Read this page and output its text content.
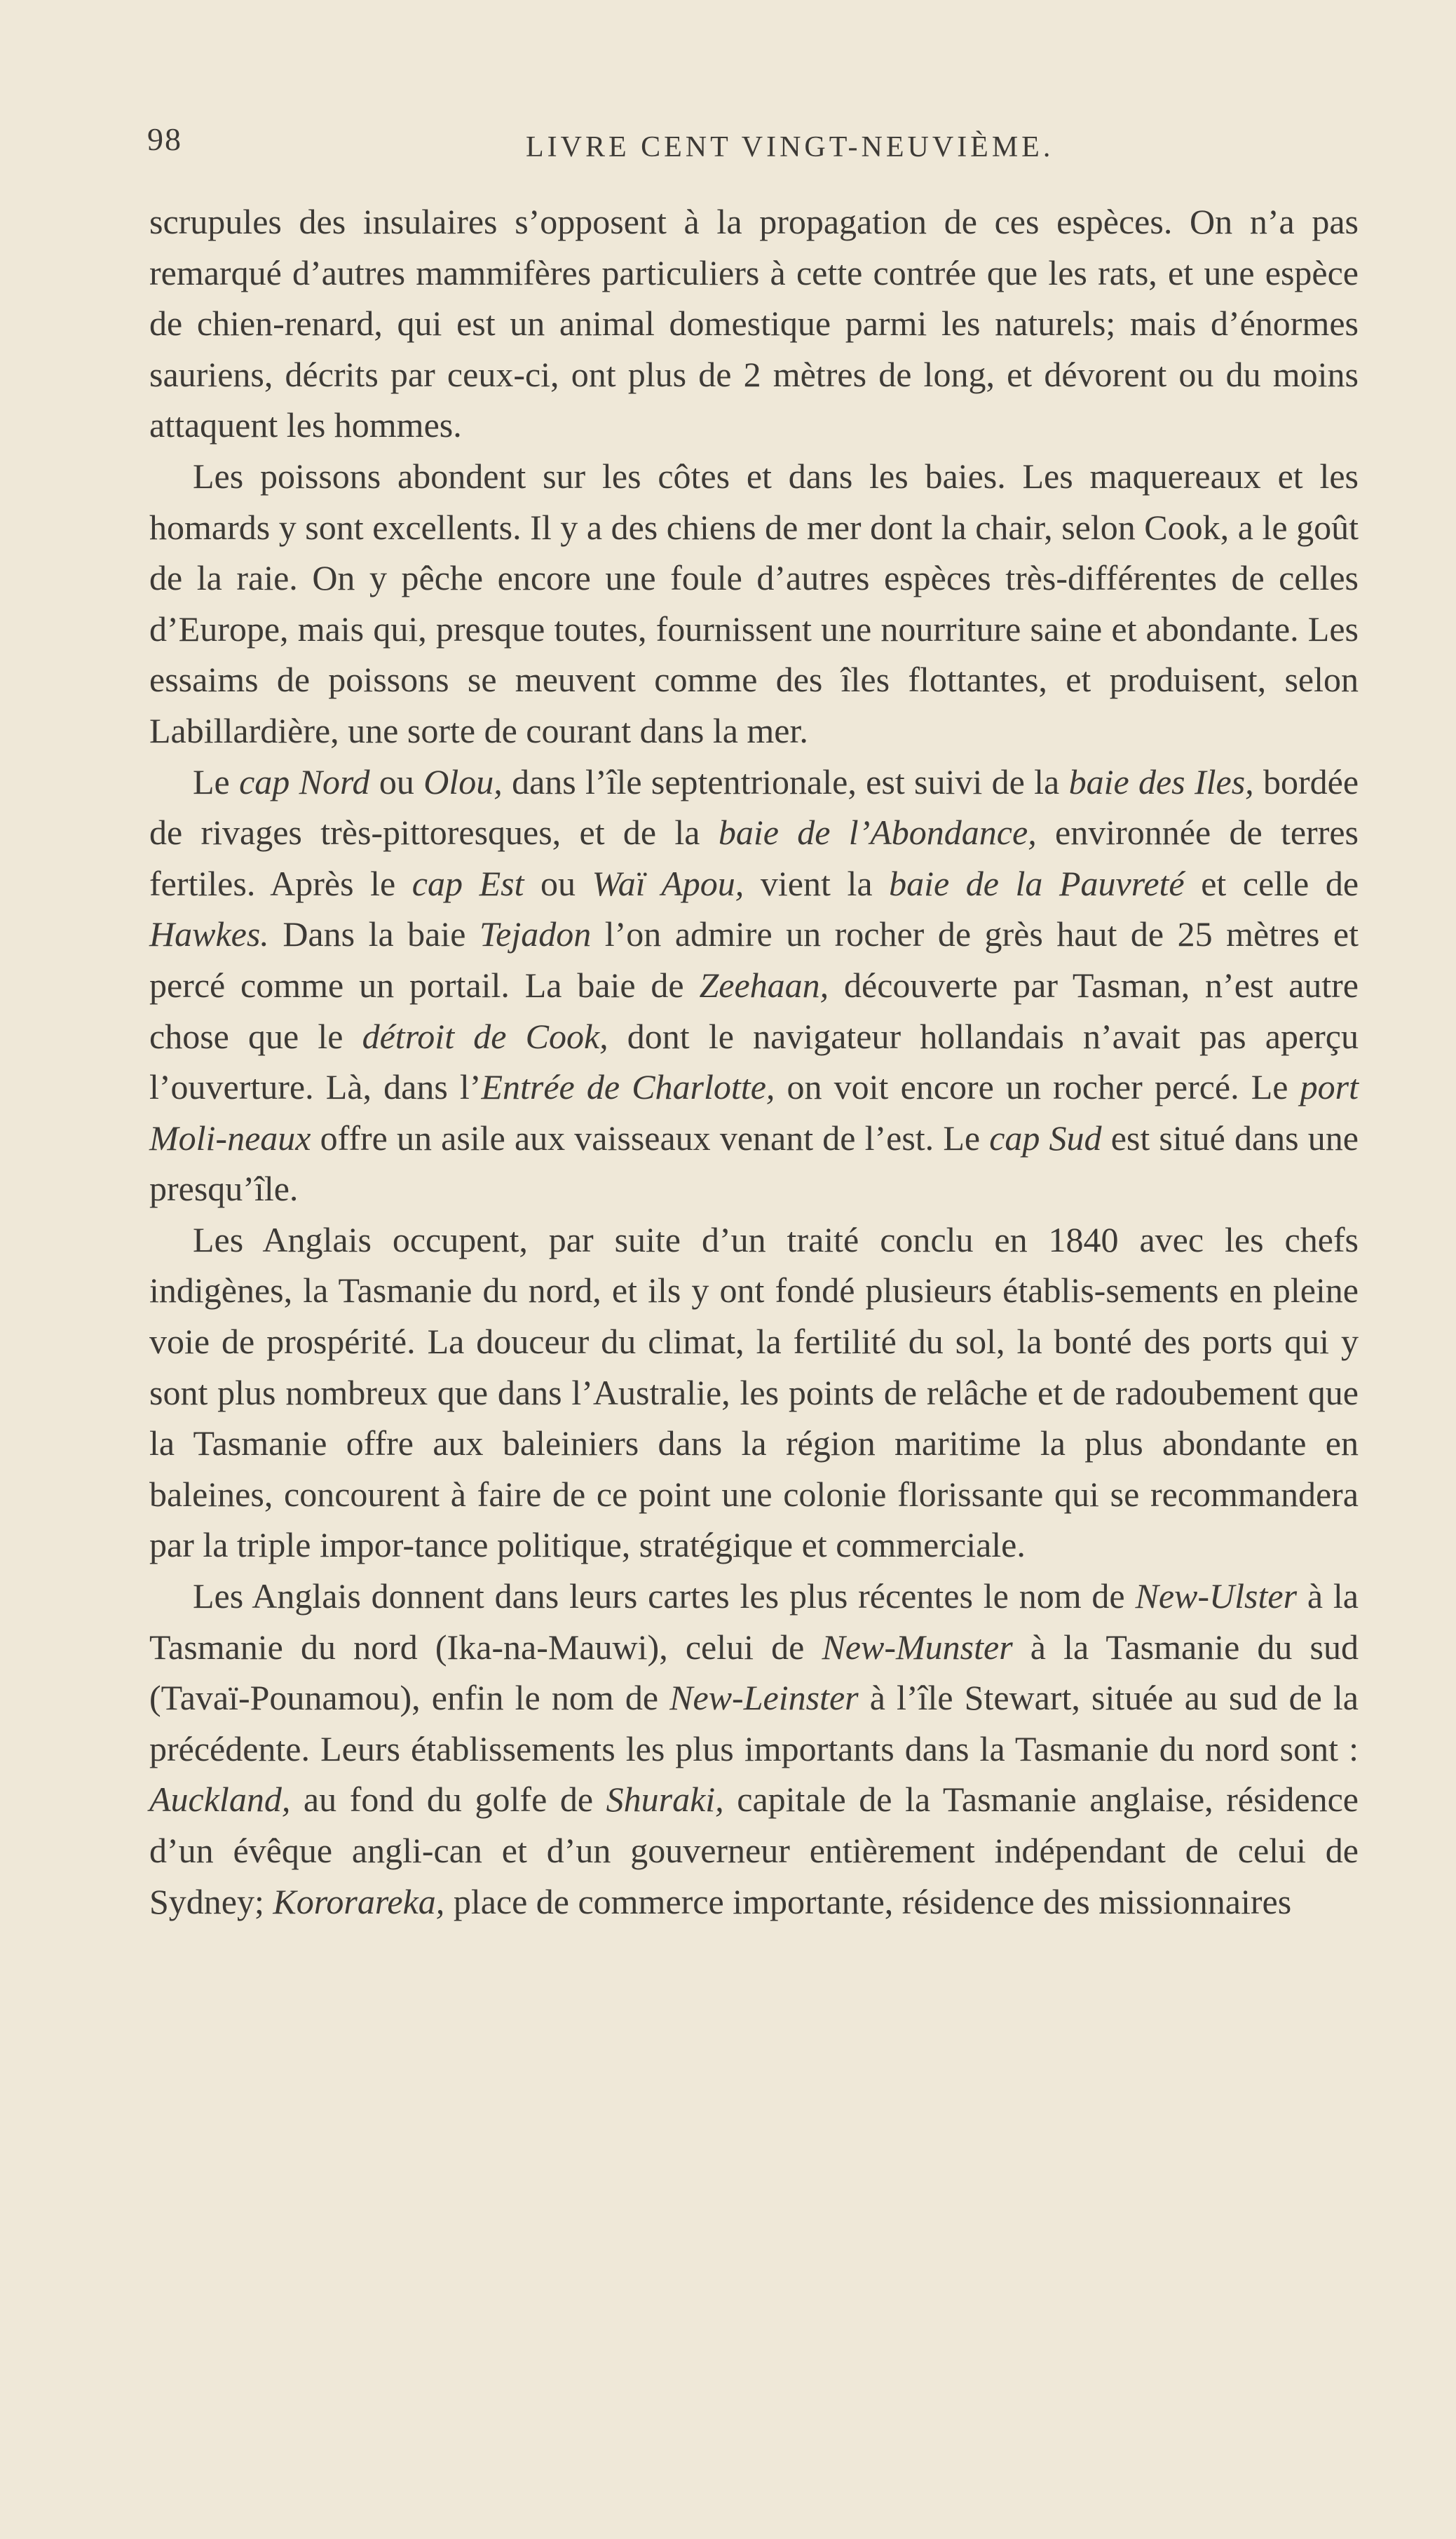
98	LIVRE CENT VINGT-NEUVIÈME.

scrupules des insulaires s’opposent à la propagation de ces espèces. On n’a pas remarqué d’autres mammifères particuliers à cette contrée que les rats, et une espèce de chien-renard, qui est un animal domestique parmi les naturels; mais d’énormes sauriens, décrits par ceux-ci, ont plus de 2 mètres de long, et dévorent ou du moins attaquent les hommes.

Les poissons abondent sur les côtes et dans les baies. Les maquereaux et les homards y sont excellents. Il y a des chiens de mer dont la chair, selon Cook, a le goût de la raie. On y pêche encore une foule d’autres espèces très-différentes de celles d’Europe, mais qui, presque toutes, fournissent une nourriture saine et abondante. Les essaims de poissons se meuvent comme des îles flottantes, et produisent, selon Labillardière, une sorte de courant dans la mer.

Le cap Nord ou Olou, dans l’île septentrionale, est suivi de la baie des Iles, bordée de rivages très-pittoresques, et de la baie de l’Abondance, environnée de terres fertiles. Après le cap Est ou Waï Apou, vient la baie de la Pauvreté et celle de Hawkes. Dans la baie Tejadon l’on admire un rocher de grès haut de 25 mètres et percé comme un portail. La baie de Zeehaan, découverte par Tasman, n’est autre chose que le détroit de Cook, dont le navigateur hollandais n’avait pas aperçu l’ouverture. Là, dans l’Entrée de Charlotte, on voit encore un rocher percé. Le port Moli-neaux offre un asile aux vaisseaux venant de l’est. Le cap Sud est situé dans une presqu’île.

Les Anglais occupent, par suite d’un traité conclu en 1840 avec les chefs indigènes, la Tasmanie du nord, et ils y ont fondé plusieurs établis-sements en pleine voie de prospérité. La douceur du climat, la fertilité du sol, la bonté des ports qui y sont plus nombreux que dans l’Australie, les points de relâche et de radoubement que la Tasmanie offre aux baleiniers dans la région maritime la plus abondante en baleines, concourent à faire de ce point une colonie florissante qui se recommandera par la triple impor-tance politique, stratégique et commerciale.

Les Anglais donnent dans leurs cartes les plus récentes le nom de New-Ulster à la Tasmanie du nord (Ika-na-Mauwi), celui de New-Munster à la Tasmanie du sud (Tavaï-Pounamou), enfin le nom de New-Leinster à l’île Stewart, située au sud de la précédente. Leurs établissements les plus importants dans la Tasmanie du nord sont : Auckland, au fond du golfe de Shuraki, capitale de la Tasmanie anglaise, résidence d’un évêque angli-can et d’un gouverneur entièrement indépendant de celui de Sydney; Kororareka, place de commerce importante, résidence des missionnaires
